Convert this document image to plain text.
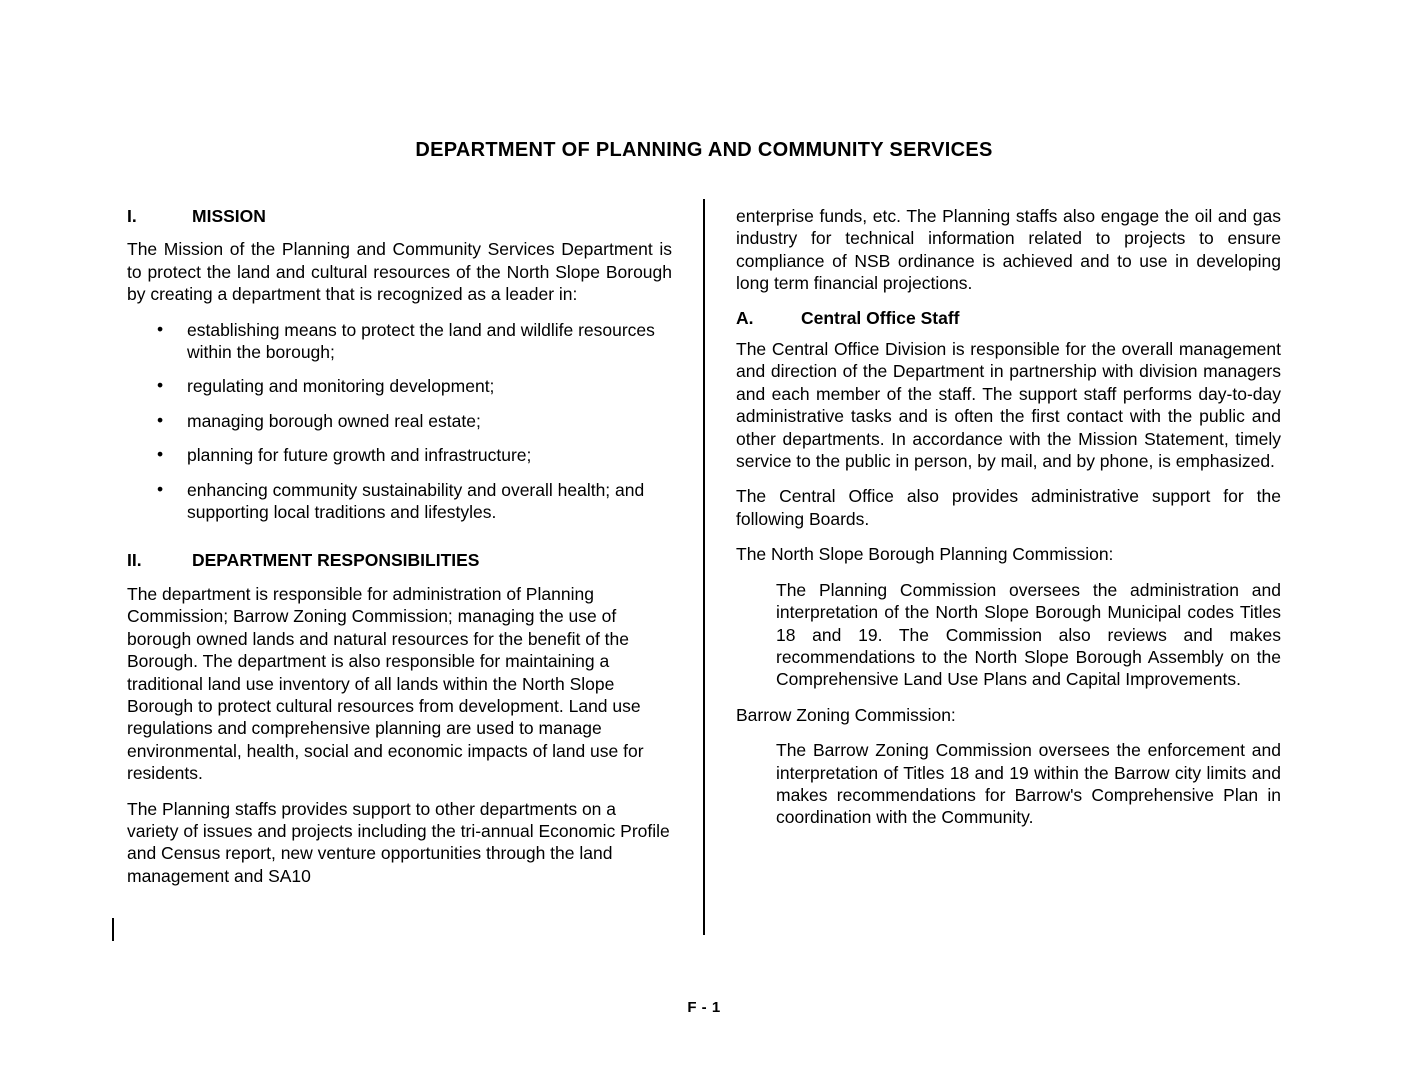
DEPARTMENT OF PLANNING AND COMMUNITY SERVICES

I.	MISSION

The Mission of the Planning and Community Services Department is to protect the land and cultural resources of the North Slope Borough by creating a department that is recognized as a leader in:

• establishing means to protect the land and wildlife resources within the borough;
• regulating and monitoring development;
• managing borough owned real estate;
• planning for future growth and infrastructure;
• enhancing community sustainability and overall health; and supporting local traditions and lifestyles.

II.	DEPARTMENT RESPONSIBILITIES

The department is responsible for administration of Planning Commission; Barrow Zoning Commission; managing the use of borough owned lands and natural resources for the benefit of the Borough. The department is also responsible for maintaining a traditional land use inventory of all lands within the North Slope Borough to protect cultural resources from development. Land use regulations and comprehensive planning are used to manage environmental, health, social and economic impacts of land use for residents.

The Planning staffs provides support to other departments on a variety of issues and projects including the tri-annual Economic Profile and Census report, new venture opportunities through the land management and SA10

enterprise funds, etc. The Planning staffs also engage the oil and gas industry for technical information related to projects to ensure compliance of NSB ordinance is achieved and to use in developing long term financial projections.

A.	Central Office Staff

The Central Office Division is responsible for the overall management and direction of the Department in partnership with division managers and each member of the staff. The support staff performs day-to-day administrative tasks and is often the first contact with the public and other departments. In accordance with the Mission Statement, timely service to the public in person, by mail, and by phone, is emphasized.

The Central Office also provides administrative support for the following Boards.

The North Slope Borough Planning Commission:

The Planning Commission oversees the administration and interpretation of the North Slope Borough Municipal codes Titles 18 and 19. The Commission also reviews and makes recommendations to the North Slope Borough Assembly on the Comprehensive Land Use Plans and Capital Improvements.

Barrow Zoning Commission:

The Barrow Zoning Commission oversees the enforcement and interpretation of Titles 18 and 19 within the Barrow city limits and makes recommendations for Barrow's Comprehensive Plan in coordination with the Community.

F - 1
